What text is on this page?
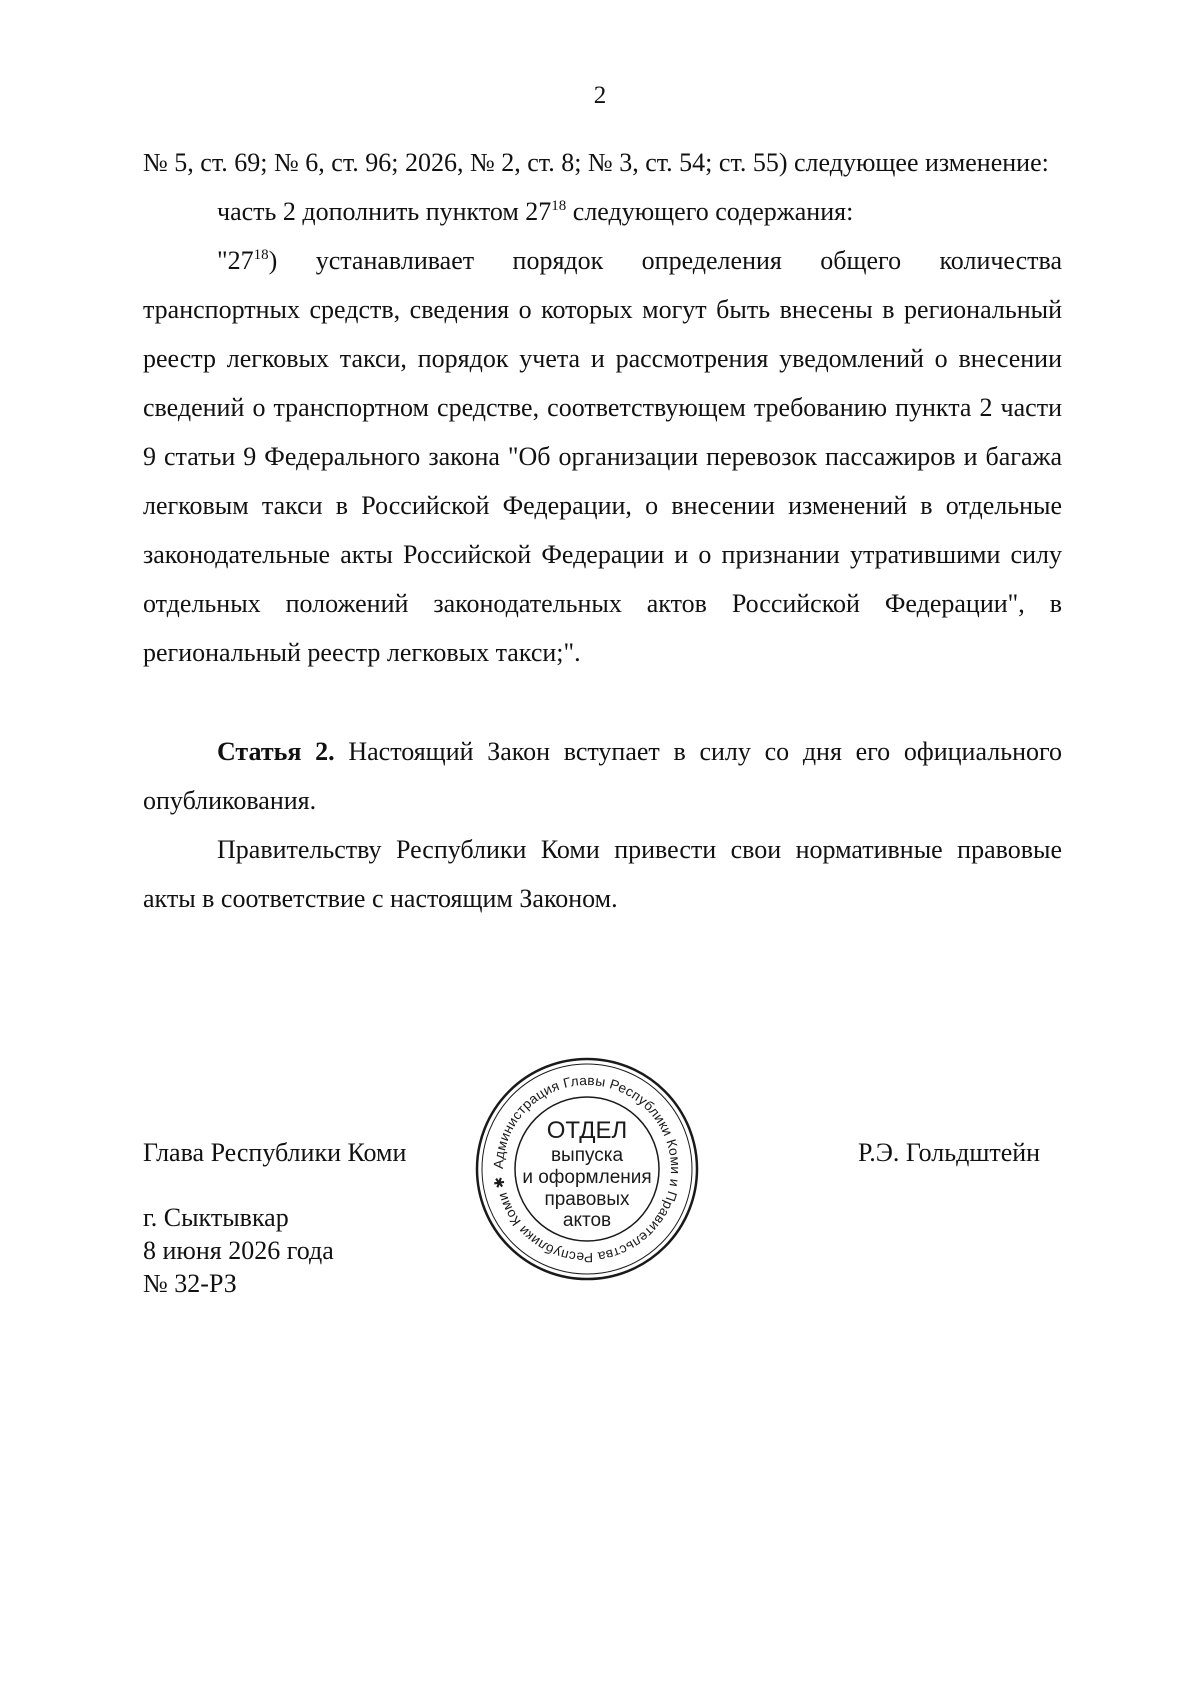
2

№ 5, ст. 69; № 6, ст. 96; 2026, № 2, ст. 8; № 3, ст. 54; ст. 55) следующее изменение:

часть 2 дополнить пунктом $27^{18}$ следующего содержания:

"$27^{18}$) устанавливает порядок определения общего количества транспортных средств, сведения о которых могут быть внесены в региональный реестр легковых такси, порядок учета и рассмотрения уведомлений о внесении сведений о транспортном средстве, соответствующем требованию пункта 2 части 9 статьи 9 Федерального закона "Об организации перевозок пассажиров и багажа легковым такси в Российской Федерации, о внесении изменений в отдельные законодательные акты Российской Федерации и о признании утратившими силу отдельных положений законодательных актов Российской Федерации", в региональный реестр легковых такси;".

Статья 2. Настоящий Закон вступает в силу со дня его официального опубликования.

Правительству Республики Коми привести свои нормативные правовые акты в соответствие с настоящим Законом.

Глава Республики Коми	Р.Э. Гольдштейн
г. Сыктывкар
8 июня 2026 года
№ 32-РЗ
Администрация Главы Республики Коми и Правительства Республики Коми ✱
ОТДЕЛ
выпуска
и оформления
правовых
актов
